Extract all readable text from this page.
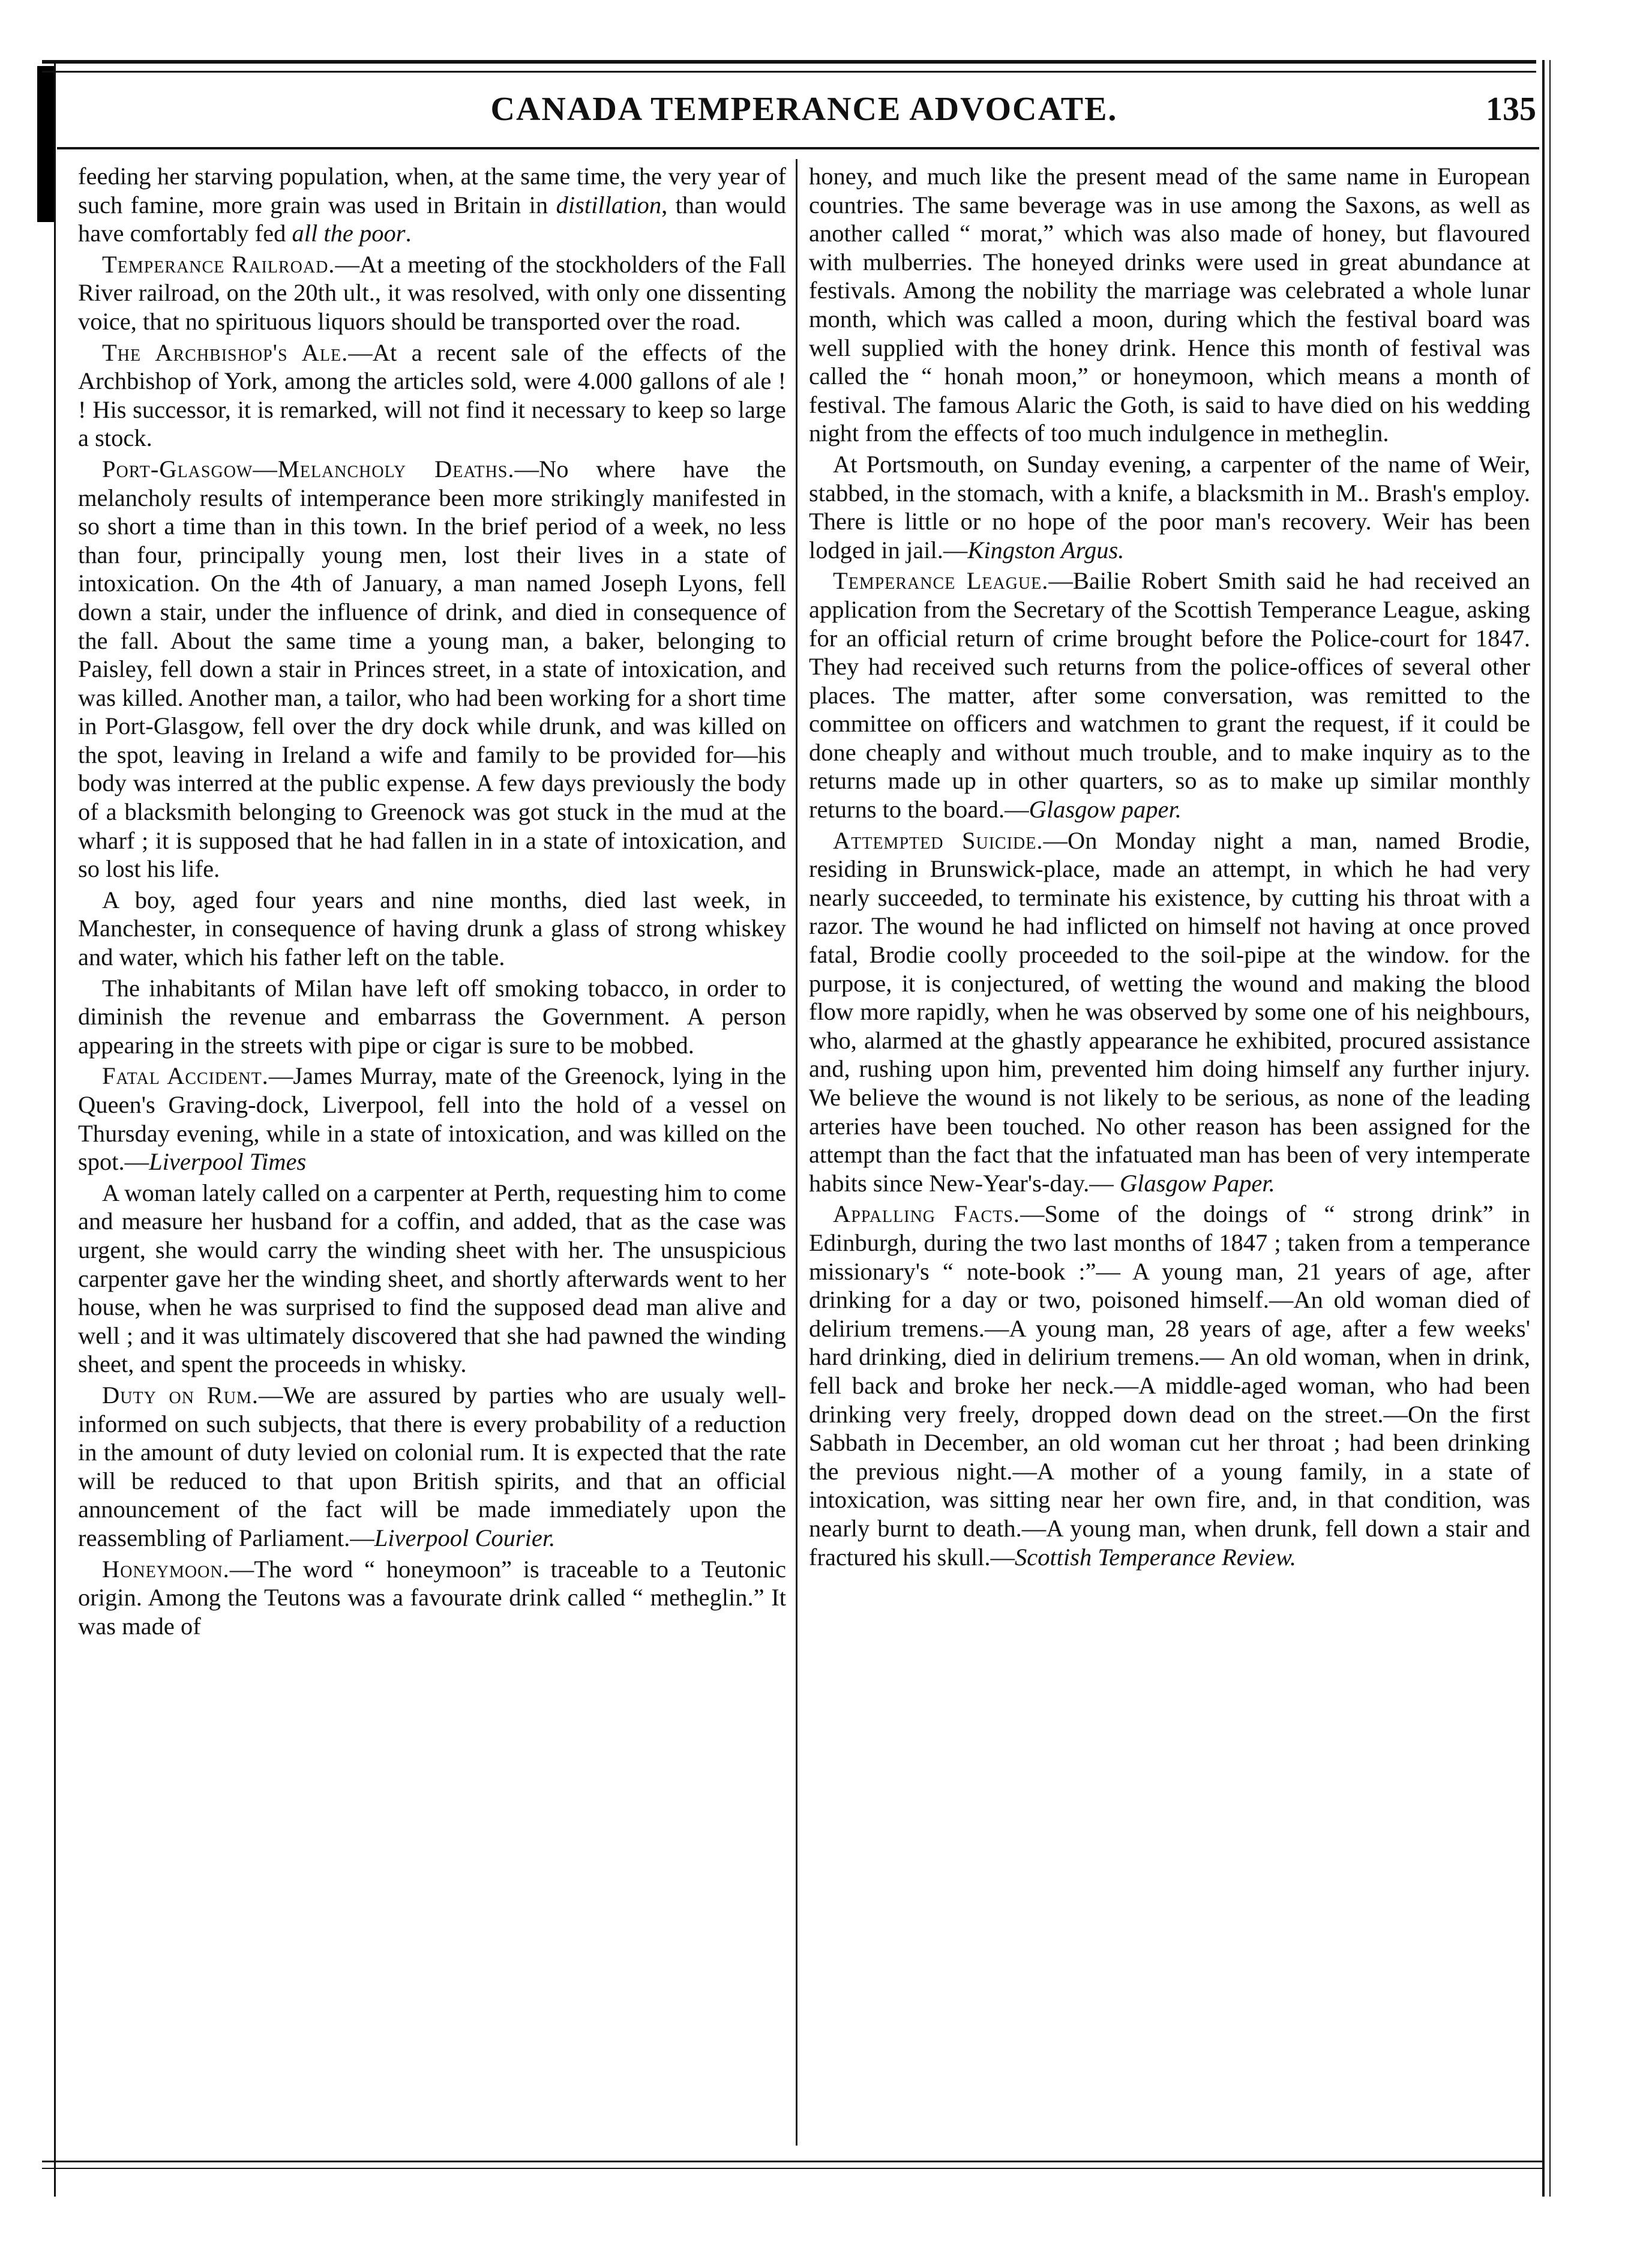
CANADA TEMPERANCE ADVOCATE.	135

feeding her starving population, when, at the same time, the very year of such famine, more grain was used in Britain in distillation, than would have comfortably fed all the poor.

Temperance Railroad.—At a meeting of the stockholders of the Fall River railroad, on the 20th ult., it was resolved, with only one dissenting voice, that no spirituous liquors should be transported over the road.

The Archbishop's Ale.—At a recent sale of the effects of the Archbishop of York, among the articles sold, were 4.000 gallons of ale ! ! His successor, it is remarked, will not find it necessary to keep so large a stock.

Port-Glasgow—Melancholy Deaths.—No where have the melancholy results of intemperance been more strikingly manifested in so short a time than in this town. In the brief period of a week, no less than four, principally young men, lost their lives in a state of intoxication. On the 4th of January, a man named Joseph Lyons, fell down a stair, under the influence of drink, and died in consequence of the fall. About the same time a young man, a baker, belonging to Paisley, fell down a stair in Princes street, in a state of intoxication, and was killed. Another man, a tailor, who had been working for a short time in Port-Glasgow, fell over the dry dock while drunk, and was killed on the spot, leaving in Ireland a wife and family to be provided for—his body was interred at the public expense. A few days previously the body of a blacksmith belonging to Greenock was got stuck in the mud at the wharf ; it is supposed that he had fallen in in a state of intoxication, and so lost his life.

A boy, aged four years and nine months, died last week, in Manchester, in consequence of having drunk a glass of strong whiskey and water, which his father left on the table.

The inhabitants of Milan have left off smoking tobacco, in order to diminish the revenue and embarrass the Government. A person appearing in the streets with pipe or cigar is sure to be mobbed.

Fatal Accident.—James Murray, mate of the Greenock, lying in the Queen's Graving-dock, Liverpool, fell into the hold of a vessel on Thursday evening, while in a state of intoxication, and was killed on the spot.—Liverpool Times

A woman lately called on a carpenter at Perth, requesting him to come and measure her husband for a coffin, and added, that as the case was urgent, she would carry the winding sheet with her. The unsuspicious carpenter gave her the winding sheet, and shortly afterwards went to her house, when he was surprised to find the supposed dead man alive and well ; and it was ultimately discovered that she had pawned the winding sheet, and spent the proceeds in whisky.

Duty on Rum.—We are assured by parties who are usualy well-informed on such subjects, that there is every probability of a reduction in the amount of duty levied on colonial rum. It is expected that the rate will be reduced to that upon British spirits, and that an official announcement of the fact will be made immediately upon the reassembling of Parliament.—Liverpool Courier.

Honeymoon.—The word “ honeymoon” is traceable to a Teutonic origin. Among the Teutons was a favourate drink called “ metheglin.” It was made of

honey, and much like the present mead of the same name in European countries. The same beverage was in use among the Saxons, as well as another called “ morat,” which was also made of honey, but flavoured with mulberries. The honeyed drinks were used in great abundance at festivals. Among the nobility the marriage was celebrated a whole lunar month, which was called a moon, during which the festival board was well supplied with the honey drink. Hence this month of festival was called the “ honah moon,” or honeymoon, which means a month of festival. The famous Alaric the Goth, is said to have died on his wedding night from the effects of too much indulgence in metheglin.

At Portsmouth, on Sunday evening, a carpenter of the name of Weir, stabbed, in the stomach, with a knife, a blacksmith in M.. Brash's employ. There is little or no hope of the poor man's recovery. Weir has been lodged in jail.—Kingston Argus.

Temperance League.—Bailie Robert Smith said he had received an application from the Secretary of the Scottish Temperance League, asking for an official return of crime brought before the Police-court for 1847. They had received such returns from the police-offices of several other places. The matter, after some conversation, was remitted to the committee on officers and watchmen to grant the request, if it could be done cheaply and without much trouble, and to make inquiry as to the returns made up in other quarters, so as to make up similar monthly returns to the board.—Glasgow paper.

Attempted Suicide.—On Monday night a man, named Brodie, residing in Brunswick-place, made an attempt, in which he had very nearly succeeded, to terminate his existence, by cutting his throat with a razor. The wound he had inflicted on himself not having at once proved fatal, Brodie coolly proceeded to the soil-pipe at the window. for the purpose, it is conjectured, of wetting the wound and making the blood flow more rapidly, when he was observed by some one of his neighbours, who, alarmed at the ghastly appearance he exhibited, procured assistance and, rushing upon him, prevented him doing himself any further injury. We believe the wound is not likely to be serious, as none of the leading arteries have been touched. No other reason has been assigned for the attempt than the fact that the infatuated man has been of very intemperate habits since New-Year's-day.— Glasgow Paper.

Appalling Facts.—Some of the doings of “ strong drink” in Edinburgh, during the two last months of 1847 ; taken from a temperance missionary's “ note-book :”— A young man, 21 years of age, after drinking for a day or two, poisoned himself.—An old woman died of delirium tremens.—A young man, 28 years of age, after a few weeks' hard drinking, died in delirium tremens.— An old woman, when in drink, fell back and broke her neck.—A middle-aged woman, who had been drinking very freely, dropped down dead on the street.—On the first Sabbath in December, an old woman cut her throat ; had been drinking the previous night.—A mother of a young family, in a state of intoxication, was sitting near her own fire, and, in that condition, was nearly burnt to death.—A young man, when drunk, fell down a stair and fractured his skull.—Scottish Temperance Review.
